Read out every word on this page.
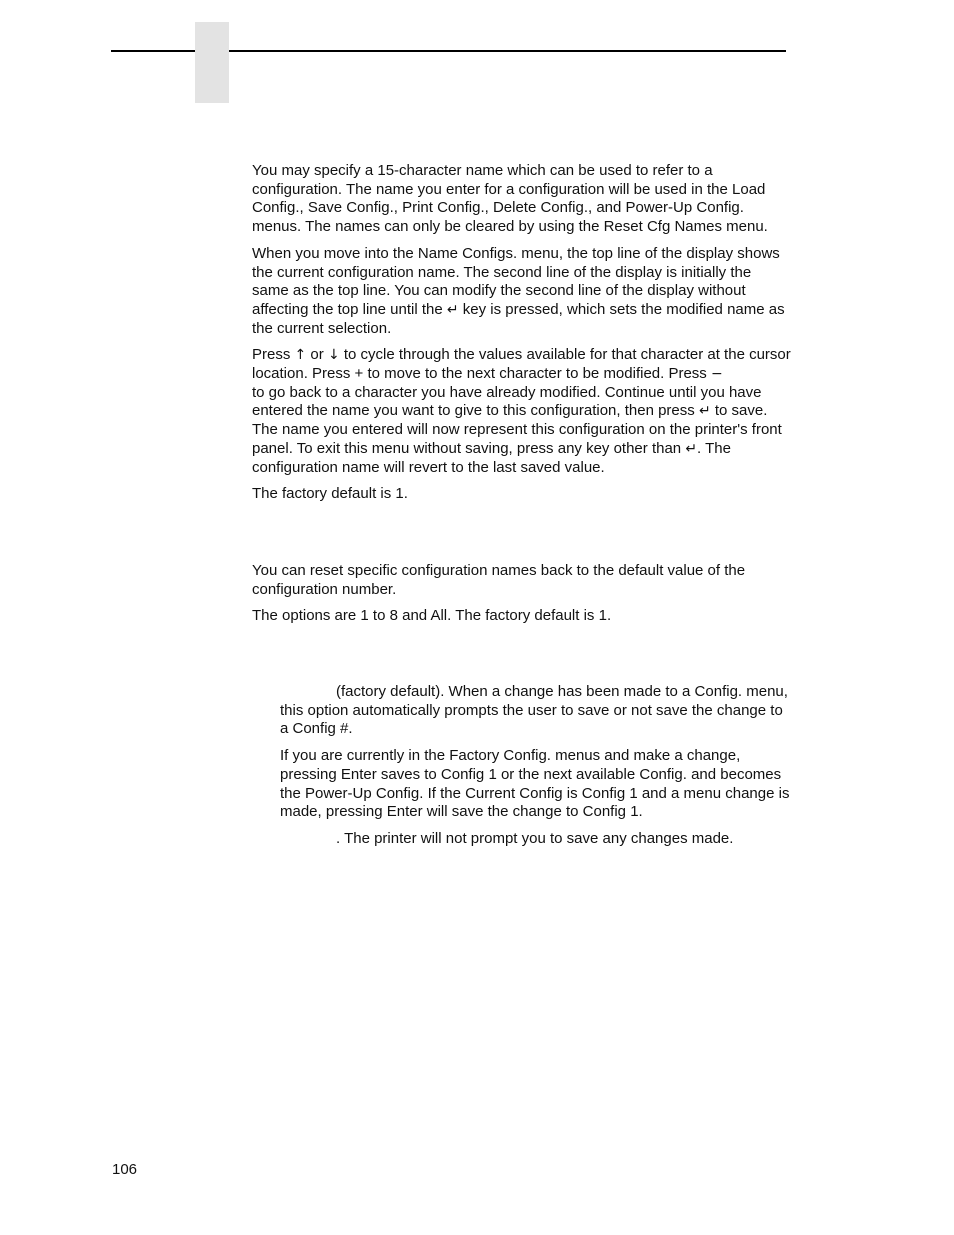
You may specify a 15-character name which can be used to refer to a configuration. The name you enter for a configuration will be used in the Load Config., Save Config., Print Config., Delete Config., and Power-Up Config. menus. The names can only be cleared by using the Reset Cfg Names menu.

When you move into the Name Configs. menu, the top line of the display shows the current configuration name. The second line of the display is initially the same as the top line. You can modify the second line of the display without affecting the top line until the ↵ key is pressed, which sets the modified name as the current selection.

Press ↑ or ↓ to cycle through the values available for that character at the cursor location. Press + to move to the next character to be modified. Press −
to go back to a character you have already modified. Continue until you have entered the name you want to give to this configuration, then press ↵ to save. The name you entered will now represent this configuration on the printer's front panel. To exit this menu without saving, press any key other than ↵. The configuration name will revert to the last saved value.

The factory default is 1.

You can reset specific configuration names back to the default value of the configuration number.

The options are 1 to 8 and All. The factory default is 1.

(factory default). When a change has been made to a Config. menu, this option automatically prompts the user to save or not save the change to a Config #.

If you are currently in the Factory Config. menus and make a change, pressing Enter saves to Config 1 or the next available Config. and becomes the Power-Up Config. If the Current Config is Config 1 and a menu change is made, pressing Enter will save the change to Config 1.

. The printer will not prompt you to save any changes made.

106
